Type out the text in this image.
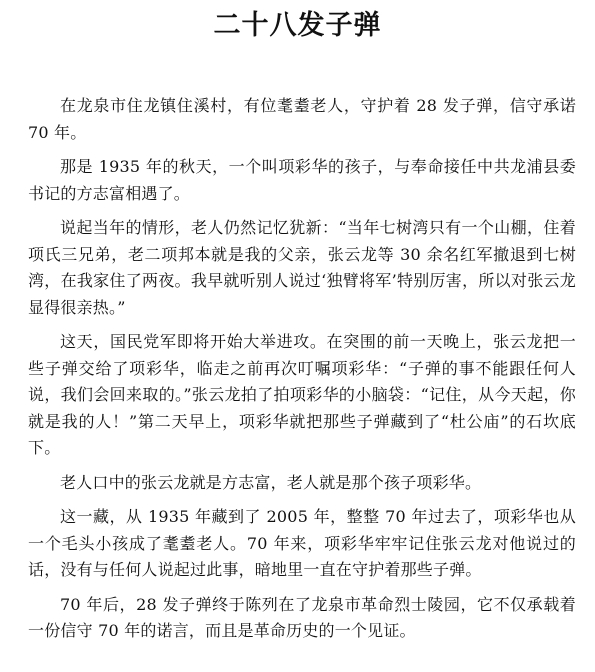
二十八发子弹

在龙泉市住龙镇住溪村，有位耄耋老人，守护着 28 发子弹，信守承诺 70 年。

那是 1935 年的秋天，一个叫项彩华的孩子，与奉命接任中共龙浦县委书记的方志富相遇了。

说起当年的情形，老人仍然记忆犹新：“当年七树湾只有一个山棚，住着项氏三兄弟，老二项邦本就是我的父亲，张云龙等 30 余名红军撤退到七树湾，在我家住了两夜。我早就听别人说过‘独臂将军’特别厉害，所以对张云龙显得很亲热。”

这天，国民党军即将开始大举进攻。在突围的前一天晚上，张云龙把一些子弹交给了项彩华，临走之前再次叮嘱项彩华：“子弹的事不能跟任何人说，我们会回来取的。”张云龙拍了拍项彩华的小脑袋：“记住，从今天起，你就是我的人！”第二天早上，项彩华就把那些子弹藏到了“杜公庙”的石坎底下。

老人口中的张云龙就是方志富，老人就是那个孩子项彩华。

这一藏，从 1935 年藏到了 2005 年，整整 70 年过去了，项彩华也从一个毛头小孩成了耄耋老人。70 年来，项彩华牢牢记住张云龙对他说过的话，没有与任何人说起过此事，暗地里一直在守护着那些子弹。

70 年后，28 发子弹终于陈列在了龙泉市革命烈士陵园，它不仅承载着一份信守 70 年的诺言，而且是革命历史的一个见证。
